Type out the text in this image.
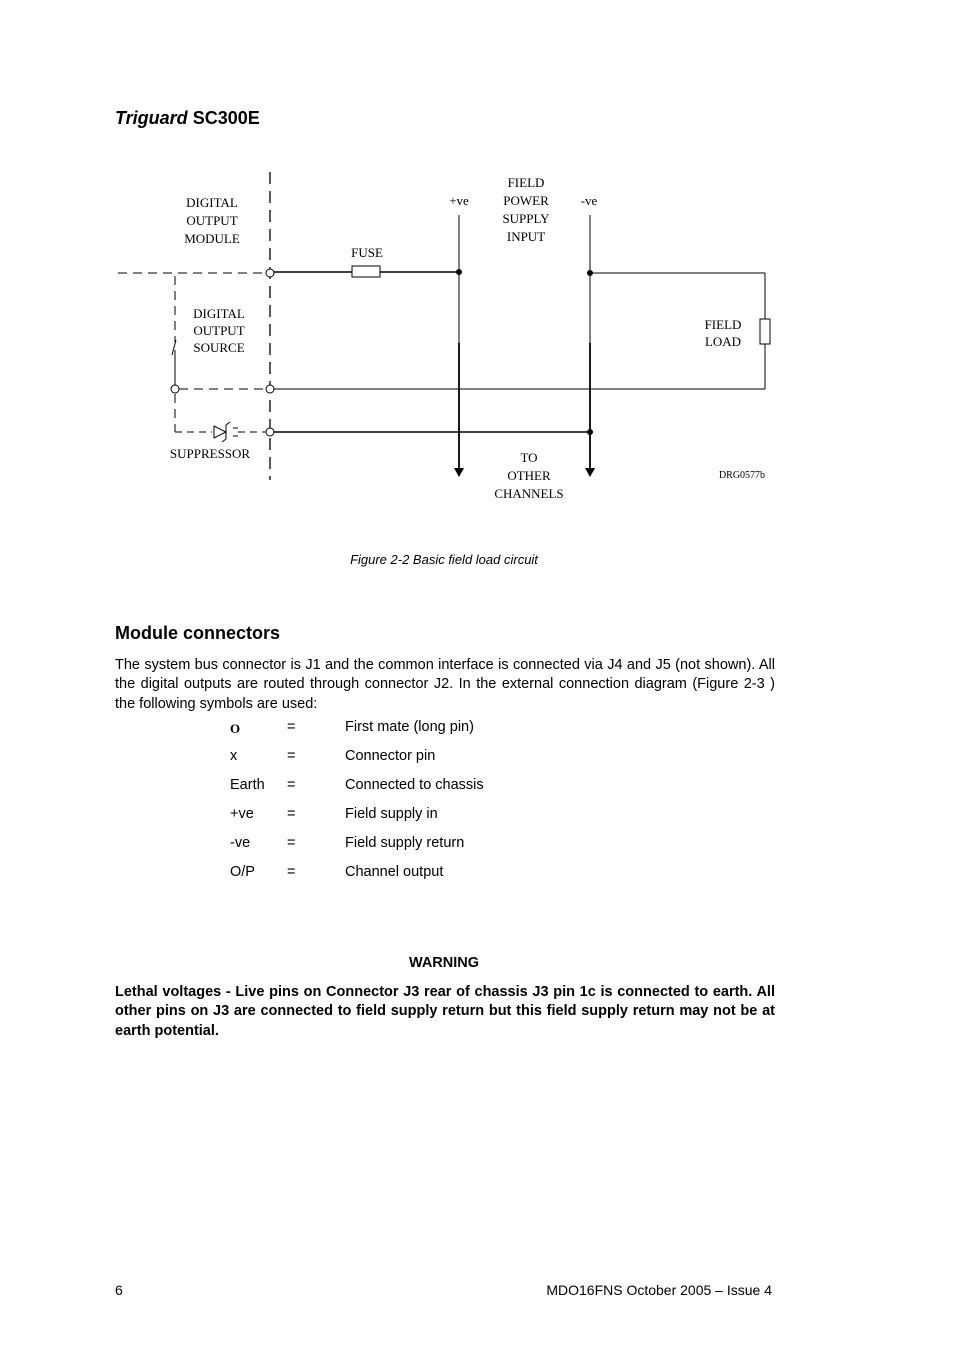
Triguard SC300E
DIGITAL
OUTPUT
MODULE
DIGITAL
OUTPUT
SOURCE
SUPPRESSOR
FUSE
+ve	-ve
FIELD
POWER
SUPPLY
INPUT
FIELD
LOAD
TO
OTHER
CHANNELS
DRG0577b
Figure 2-2 Basic field load circuit
Module connectors
The system bus connector is J1 and the common interface is connected via J4 and J5 (not shown). All the digital outputs are routed through connector J2. In the external connection diagram (Figure 2-3 ) the following symbols are used:
O	=	First mate (long pin)
x	=	Connector pin
Earth =	Connected to chassis
+ve =	Field supply in
-ve	=	Field supply return
O/P =	Channel output
WARNING
Lethal voltages - Live pins on Connector J3 rear of chassis J3 pin 1c is connected to earth. All other pins on J3 are connected to field supply return but this field supply return may not be at earth potential.
6	MDO16FNS October 2005 – Issue 4
